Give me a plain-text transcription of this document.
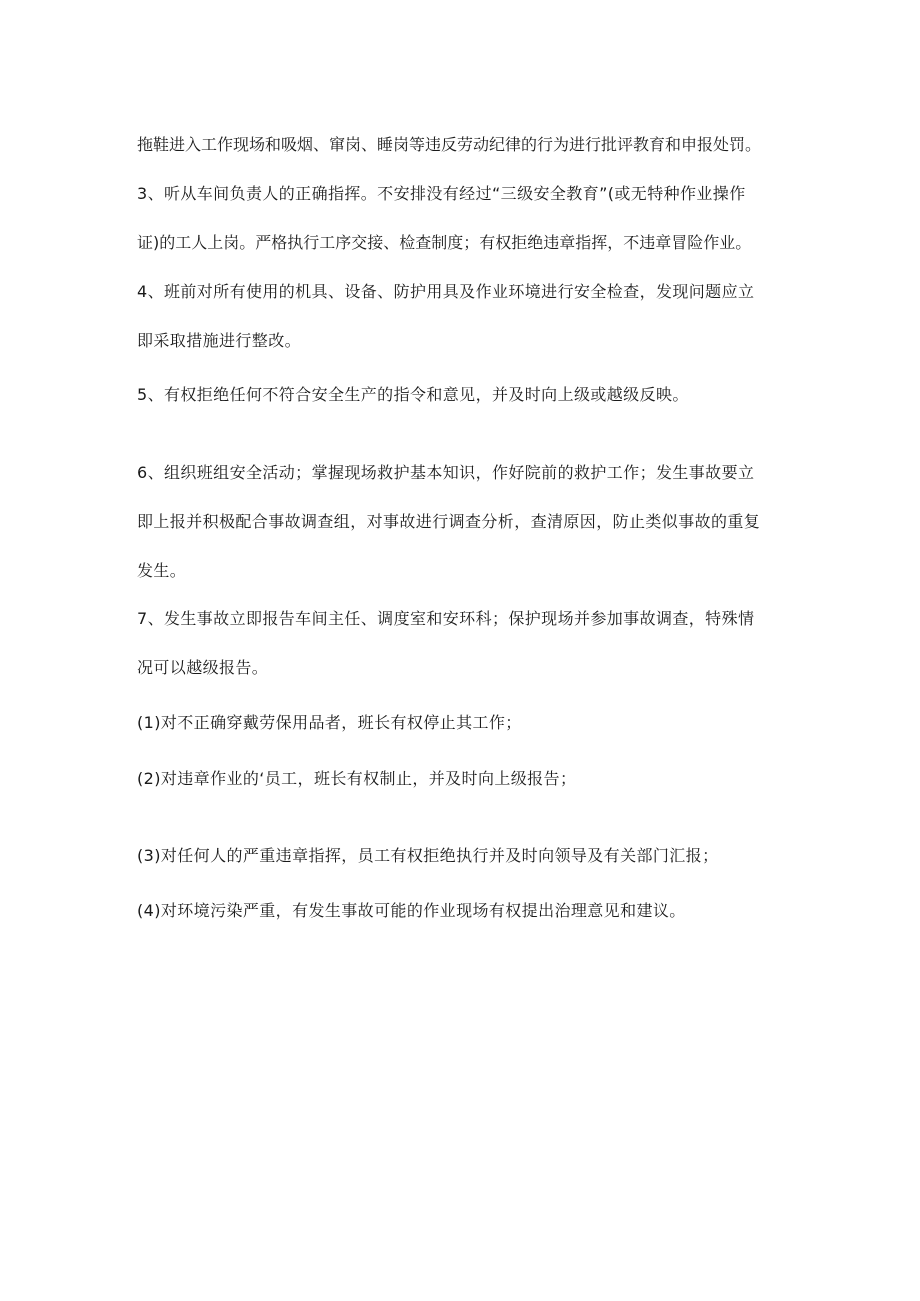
拖鞋进入工作现场和吸烟、窜岗、睡岗等违反劳动纪律的行为进行批评教育和申报处罚。
3、听从车间负责人的正确指挥。不安排没有经过“三级安全教育”(或无特种作业操作
证)的工人上岗。严格执行工序交接、检查制度；有权拒绝违章指挥，不违章冒险作业。
4、班前对所有使用的机具、设备、防护用具及作业环境进行安全检查，发现问题应立
即采取措施进行整改。
5、有权拒绝任何不符合安全生产的指令和意见，并及时向上级或越级反映。
6、组织班组安全活动；掌握现场救护基本知识，作好院前的救护工作；发生事故要立
即上报并积极配合事故调查组，对事故进行调查分析，查清原因，防止类似事故的重复
发生。
7、发生事故立即报告车间主任、调度室和安环科；保护现场并参加事故调查，特殊情
况可以越级报告。
(1)对不正确穿戴劳保用品者，班长有权停止其工作；
(2)对违章作业的‘员工，班长有权制止，并及时向上级报告；
(3)对任何人的严重违章指挥，员工有权拒绝执行并及时向领导及有关部门汇报；
(4)对环境污染严重，有发生事故可能的作业现场有权提出治理意见和建议。
